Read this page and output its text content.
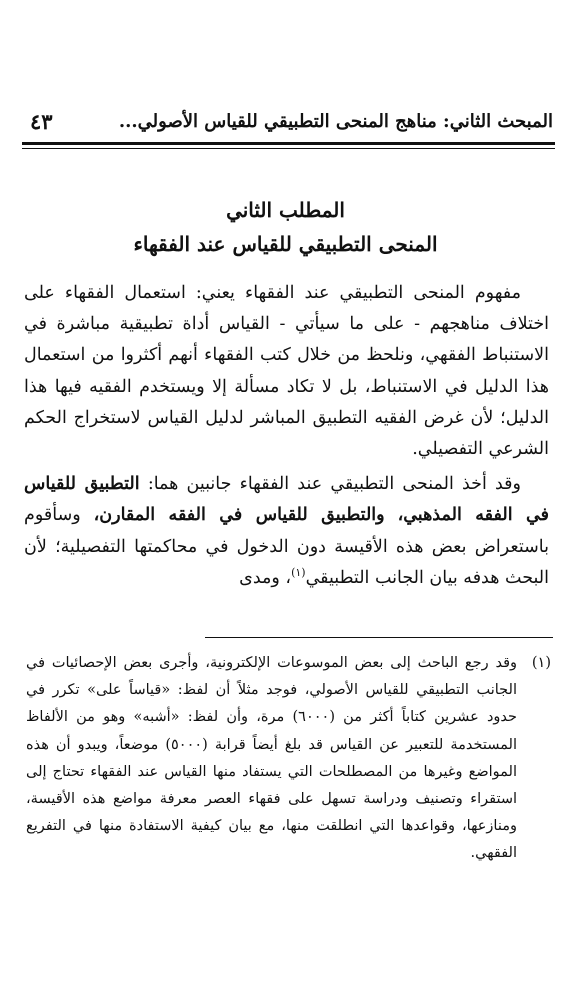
المبحث الثاني: مناهج المنحى التطبيقي للقياس الأصولي...
٤٣
المطلب الثاني
المنحى التطبيقي للقياس عند الفقهاء

مفهوم المنحى التطبيقي عند الفقهاء يعني: استعمال الفقهاء على اختلاف مناهجهم - على ما سيأتي - القياس أداة تطبيقية مباشرة في الاستنباط الفقهي، ونلحظ من خلال كتب الفقهاء أنهم أكثروا من استعمال هذا الدليل في الاستنباط، بل لا تكاد مسألة إلا ويستخدم الفقيه فيها هذا الدليل؛ لأن غرض الفقيه التطبيق المباشر لدليل القياس لاستخراج الحكم الشرعي التفصيلي.

وقد أخذ المنحى التطبيقي عند الفقهاء جانبين هما: التطبيق للقياس في الفقه المذهبي، والتطبيق للقياس في الفقه المقارن، وسأقوم باستعراض بعض هذه الأقيسة دون الدخول في محاكمتها التفصيلية؛ لأن البحث هدفه بيان الجانب التطبيقي$^{(١)}$، ومدى

(١)
وقد رجع الباحث إلى بعض الموسوعات الإلكترونية، وأجرى بعض الإحصائيات في الجانب التطبيقي للقياس الأصولي، فوجد مثلاً أن لفظ: «قياساً على» تكرر في حدود عشرين كتاباً أكثر من (٦٠٠٠) مرة، وأن لفظ: «أشبه» وهو من الألفاظ المستخدمة للتعبير عن القياس قد بلغ أيضاً قرابة (٥٠٠٠) موضعاً، ويبدو أن هذه المواضع وغيرها من المصطلحات التي يستفاد منها القياس عند الفقهاء تحتاج إلى استقراء وتصنيف ودراسة تسهل على فقهاء العصر معرفة مواضع هذه الأقيسة، ومنازعها، وقواعدها التي انطلقت منها، مع بيان كيفية الاستفادة منها في التفريع الفقهي.
